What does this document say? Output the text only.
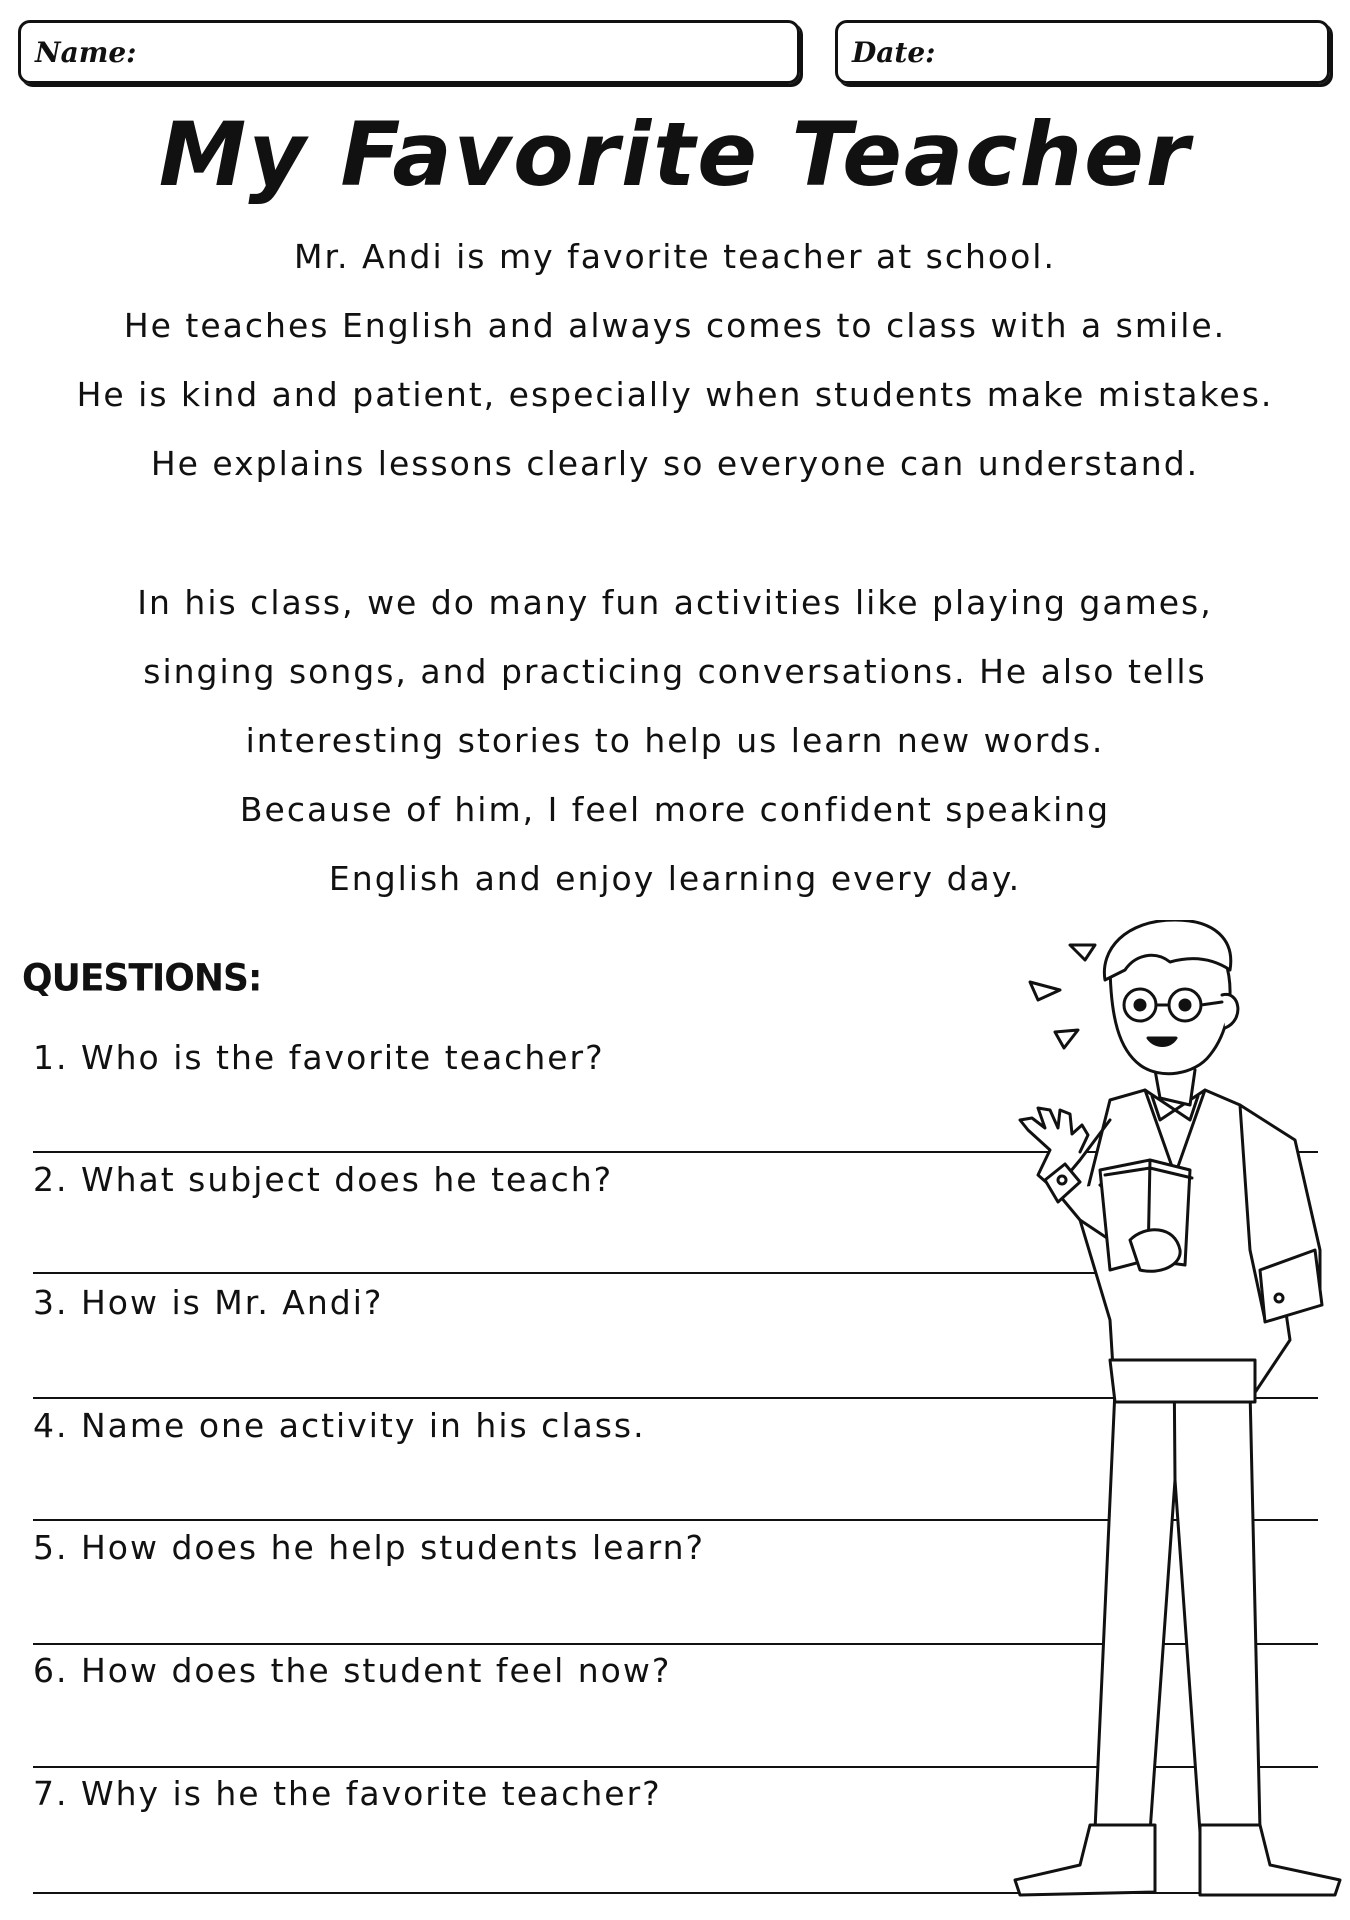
Name:	Date:
My Favorite Teacher
Mr. Andi is my favorite teacher at school.
He teaches English and always comes to class with a smile.
He is kind and patient, especially when students make mistakes.
He explains lessons clearly so everyone can understand.
In his class, we do many fun activities like playing games,
singing songs, and practicing conversations. He also tells
interesting stories to help us learn new words.
Because of him, I feel more confident speaking
English and enjoy learning every day.
QUESTIONS:
1. Who is the favorite teacher?
2. What subject does he teach?
3. How is Mr. Andi?
4. Name one activity in his class.
5. How does he help students learn?
6. How does the student feel now?
7. Why is he the favorite teacher?
